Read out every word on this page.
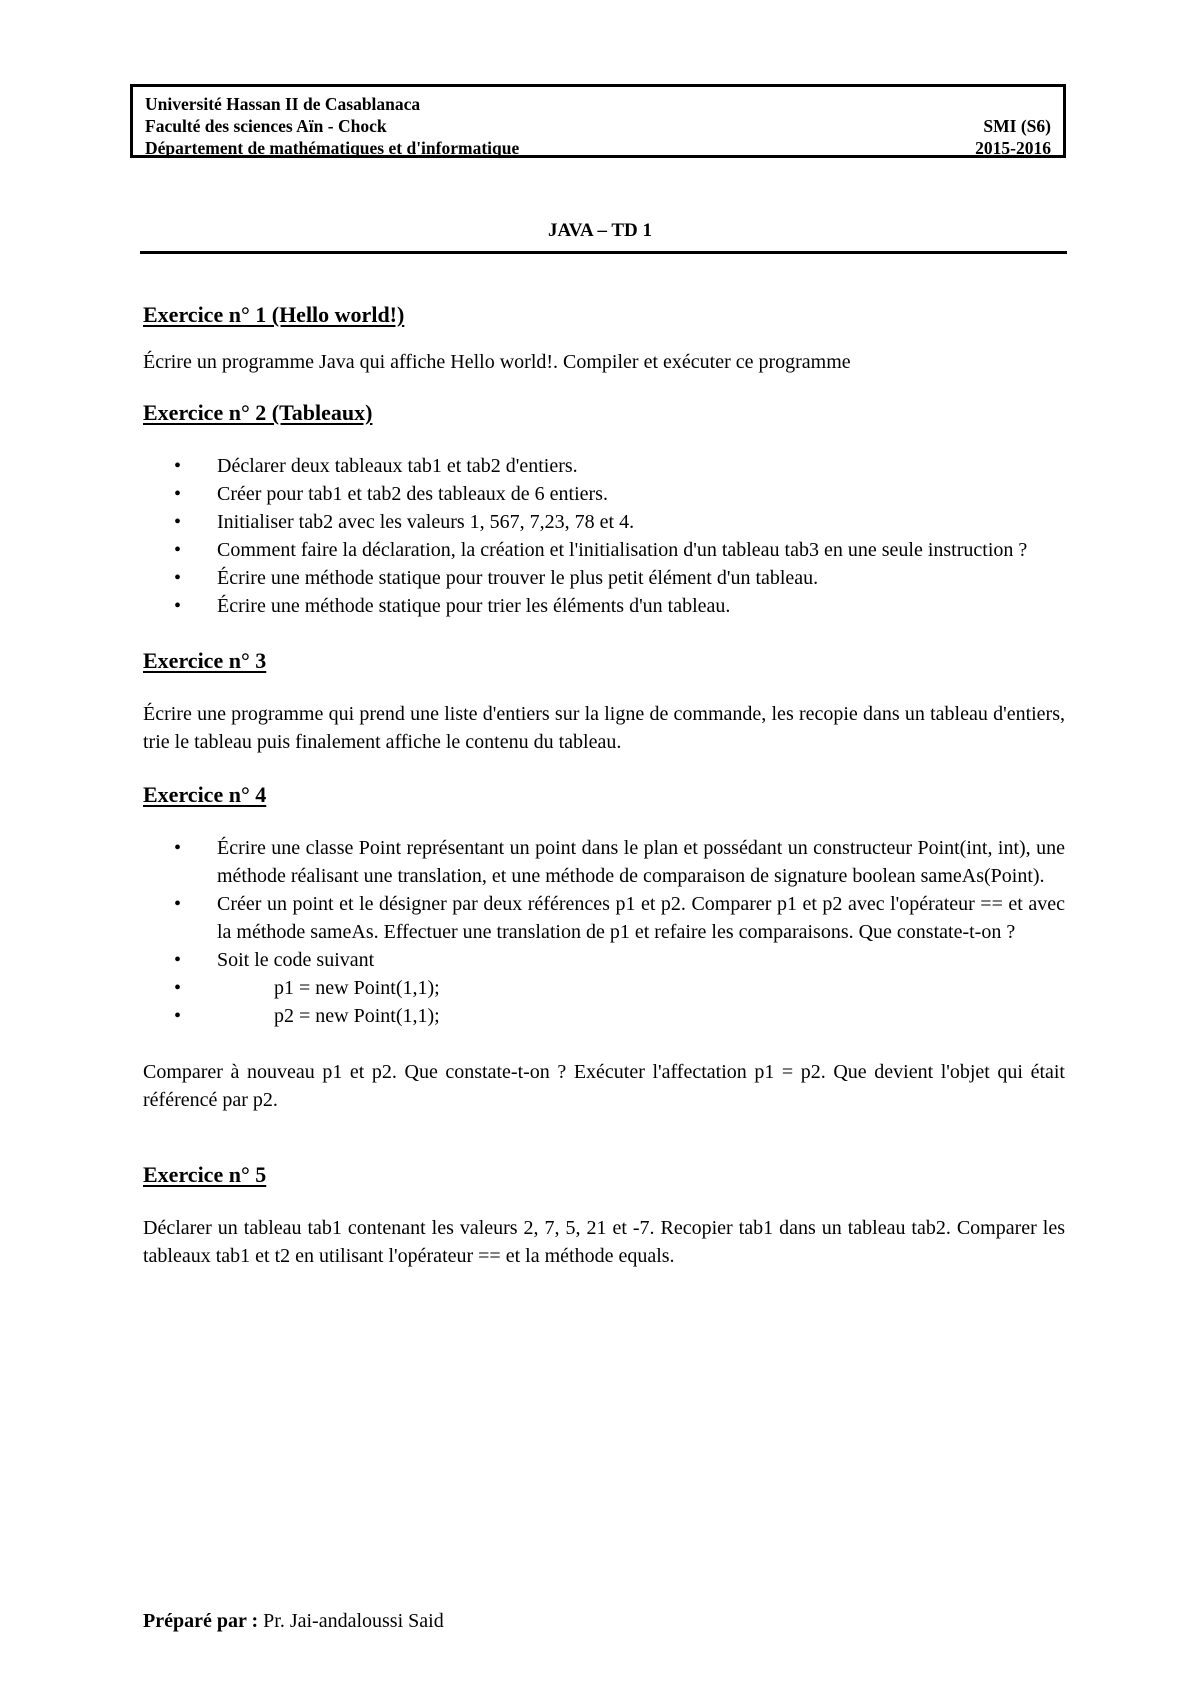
Université Hassan II de Casablanaca
Faculté des sciences Aïn - Chock	SMI (S6)
Département de mathématiques et d'informatique	2015-2016
JAVA – TD 1
Exercice n° 1 (Hello world!)

Écrire un programme Java qui affiche Hello world!. Compiler et exécuter ce programme

Exercice n° 2 (Tableaux)
• Déclarer deux tableaux tab1 et tab2 d'entiers.
• Créer pour tab1 et tab2 des tableaux de 6 entiers.
• Initialiser tab2 avec les valeurs 1, 567, 7,23, 78 et 4.
• Comment faire la déclaration, la création et l'initialisation d'un tableau tab3 en une seule instruction ?
• Écrire une méthode statique pour trouver le plus petit élément d'un tableau.
• Écrire une méthode statique pour trier les éléments d'un tableau.
Exercice n° 3

Écrire une programme qui prend une liste d'entiers sur la ligne de commande, les recopie dans un tableau d'entiers, trie le tableau puis finalement affiche le contenu du tableau.

Exercice n° 4
• Écrire une classe Point représentant un point dans le plan et possédant un constructeur Point(int, int), une méthode réalisant une translation, et une méthode de comparaison de signature boolean sameAs(Point).
• Créer un point et le désigner par deux références p1 et p2. Comparer p1 et p2 avec l'opérateur == et avec la méthode sameAs. Effectuer une translation de p1 et refaire les comparaisons. Que constate-t-on ?
• Soit le code suivant
• p1 = new Point(1,1);
• p2 = new Point(1,1);

Comparer à nouveau p1 et p2. Que constate-t-on ? Exécuter l'affectation p1 = p2. Que devient l'objet qui était référencé par p2.

Exercice n° 5

Déclarer un tableau tab1 contenant les valeurs 2, 7, 5, 21 et -7. Recopier tab1 dans un tableau tab2. Comparer les tableaux tab1 et t2 en utilisant l'opérateur == et la méthode equals.

Préparé par : Pr. Jai-andaloussi Said
